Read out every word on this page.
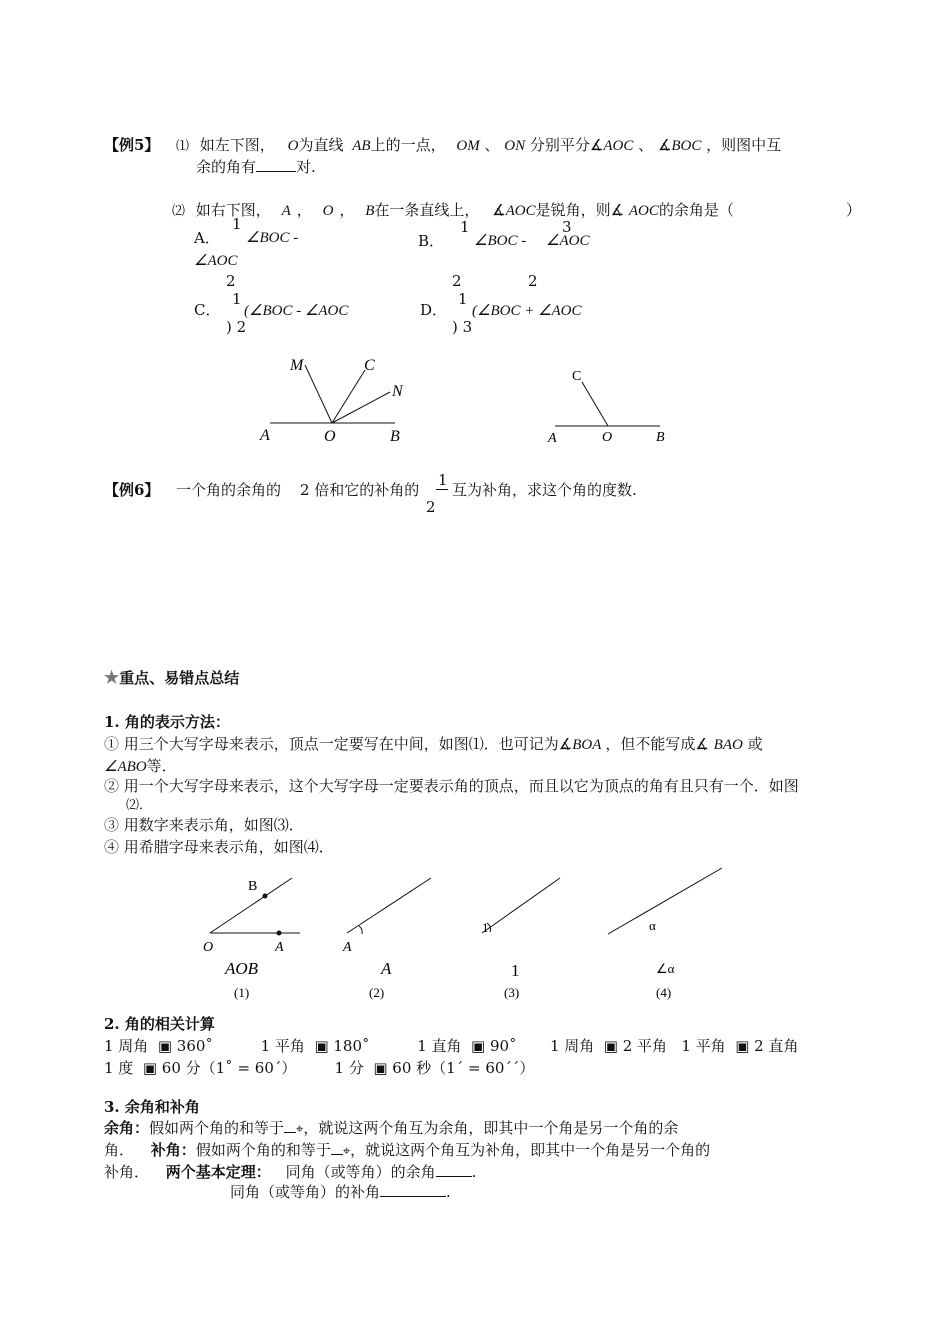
【例5】 ⑴ 如左下图， O为直线 AB上的一点， OM 、 ON 分别平分∡AOC 、 ∡BOC ，则图中互
余的角有	对.
⑵ 如右下图， A ， O ， B在一条直线上， ∡AOC是锐角，则∡ AOC的余角是（	）
A．
1
∠BOC -
∠AOC
2
B．
1
∠BOC -
3
∠AOC
2	2
C．
1
(∠BOC - ∠AOC
) 2
D．
1
(∠BOC + ∠AOC
) 3
M	C
N
A	O	B
C
A	O	B
【例6】 一个角的余角的 2 倍和它的补角的
1
2
互为补角，求这个角的度数.
★重点、易错点总结
1. 角的表示方法：
① 用三个大写字母来表示，顶点一定要写在中间，如图⑴．也可记为∡BOA ，但不能写成∡ BAO 或
∠ABO等．
② 用一个大写字母来表示，这个大写字母一定要表示角的顶点，而且以它为顶点的角有且只有一个．如图
⑵．
③ 用数字来表示角，如图⑶．
④ 用希腊字母来表示角，如图⑷．
B
O	A
AOB
(1)
A
A
(2)
1
1
(3)
α
∠α
(4)
2. 角的相关计算
1 周角  ▣ 360˚          1 平角  ▣ 180˚          1 直角  ▣ 90˚       1 周角  ▣ 2 平角   1 平角  ▣ 2 直角
1 度  ▣ 60 分（1˚ = 60´）        1 分  ▣ 60 秒（1´ = 60´´）
3. 余角和补角
余角：假如两个角的和等于 ⌖，就说这两个角互为余角，即其中一个角是另一个角的余
角． 补角：假如两个角的和等于 ⌖，就说这两个角互为补角，即其中一个角是另一个角的
补角． 两个基本定理： 同角（或等角）的余角 .
同角（或等角）的补角	.
